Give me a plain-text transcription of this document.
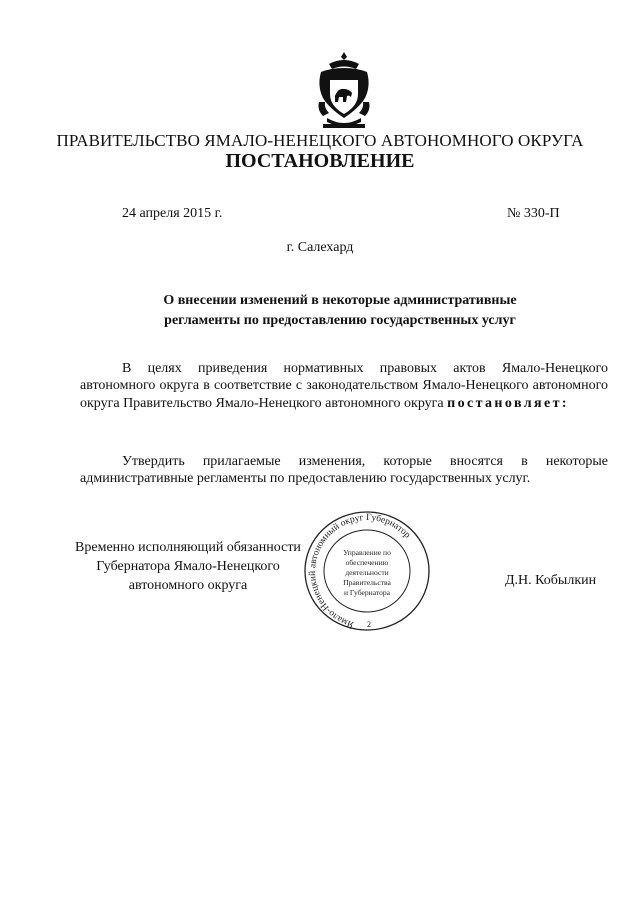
ПРАВИТЕЛЬСТВО ЯМАЛО-НЕНЕЦКОГО АВТОНОМНОГО ОКРУГА
ПОСТАНОВЛЕНИЕ
24 апреля 2015 г.	№ 330-П
г. Салехард
О внесении изменений в некоторые административные
регламенты по предоставлению государственных услуг

В целях приведения нормативных правовых актов Ямало-Ненецкого автономного округа в соответствие с законодательством Ямало-Ненецкого автономного округа Правительство Ямало-Ненецкого автономного округа постановляет:

Утвердить прилагаемые изменения, которые вносятся в некоторые административные регламенты по предоставлению государственных услуг.

Временно исполняющий обязанности
Губернатора Ямало-Ненецкого
автономного округа
Ямало-Ненецкий автономный округ Губернатор
Управление по
обеспечению
деятельности
Правительства
и Губернатора
2
Д.Н. Кобылкин
